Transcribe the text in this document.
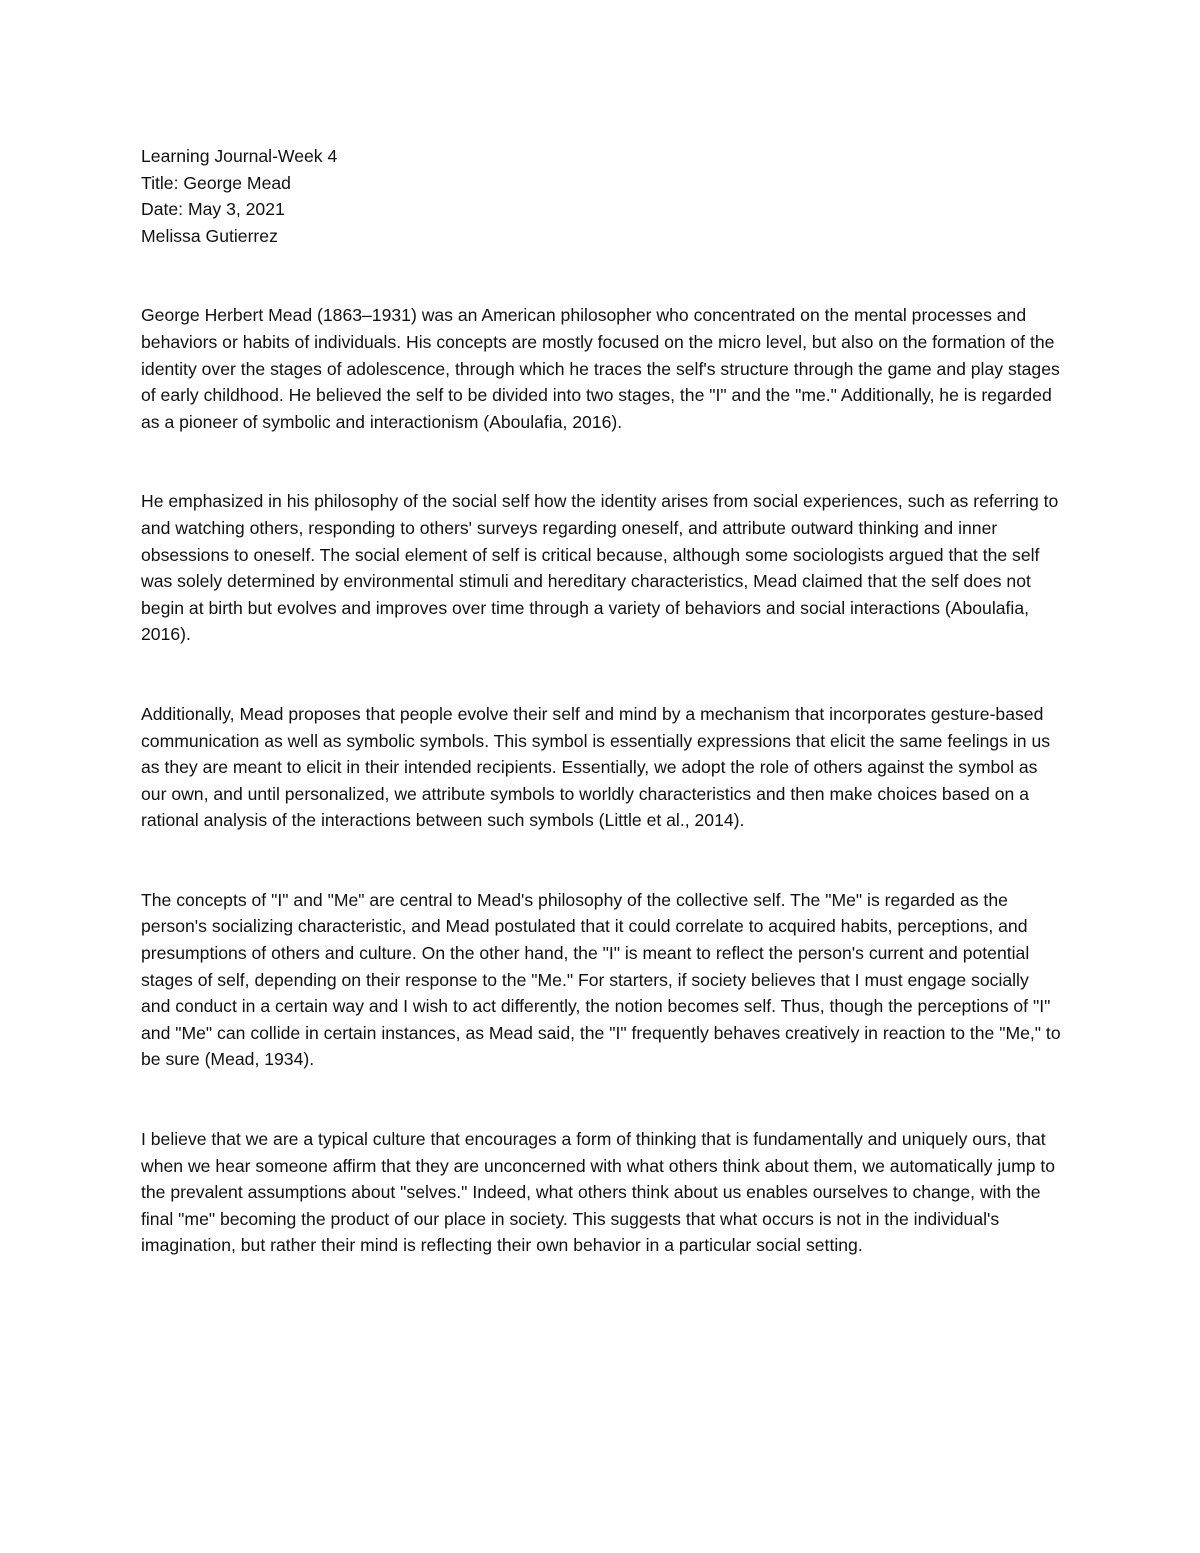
Learning Journal-Week 4
Title: George Mead
Date: May 3, 2021
Melissa Gutierrez

George Herbert Mead (1863–1931) was an American philosopher who concentrated on the mental processes and behaviors or habits of individuals. His concepts are mostly focused on the micro level, but also on the formation of the identity over the stages of adolescence, through which he traces the self's structure through the game and play stages of early childhood. He believed the self to be divided into two stages, the "I" and the "me." Additionally, he is regarded as a pioneer of symbolic and interactionism (Aboulafia, 2016).

He emphasized in his philosophy of the social self how the identity arises from social experiences, such as referring to and watching others, responding to others' surveys regarding oneself, and attribute outward thinking and inner obsessions to oneself. The social element of self is critical because, although some sociologists argued that the self was solely determined by environmental stimuli and hereditary characteristics, Mead claimed that the self does not begin at birth but evolves and improves over time through a variety of behaviors and social interactions (Aboulafia, 2016).

Additionally, Mead proposes that people evolve their self and mind by a mechanism that incorporates gesture-based communication as well as symbolic symbols. This symbol is essentially expressions that elicit the same feelings in us as they are meant to elicit in their intended recipients. Essentially, we adopt the role of others against the symbol as our own, and until personalized, we attribute symbols to worldly characteristics and then make choices based on a rational analysis of the interactions between such symbols (Little et al., 2014).

The concepts of "I" and "Me" are central to Mead's philosophy of the collective self. The "Me" is regarded as the person's socializing characteristic, and Mead postulated that it could correlate to acquired habits, perceptions, and presumptions of others and culture. On the other hand, the "I" is meant to reflect the person's current and potential stages of self, depending on their response to the "Me." For starters, if society believes that I must engage socially and conduct in a certain way and I wish to act differently, the notion becomes self. Thus, though the perceptions of "I" and "Me" can collide in certain instances, as Mead said, the "I" frequently behaves creatively in reaction to the "Me," to be sure (Mead, 1934).

I believe that we are a typical culture that encourages a form of thinking that is fundamentally and uniquely ours, that when we hear someone affirm that they are unconcerned with what others think about them, we automatically jump to the prevalent assumptions about "selves." Indeed, what others think about us enables ourselves to change, with the final "me" becoming the product of our place in society. This suggests that what occurs is not in the individual's imagination, but rather their mind is reflecting their own behavior in a particular social setting.
